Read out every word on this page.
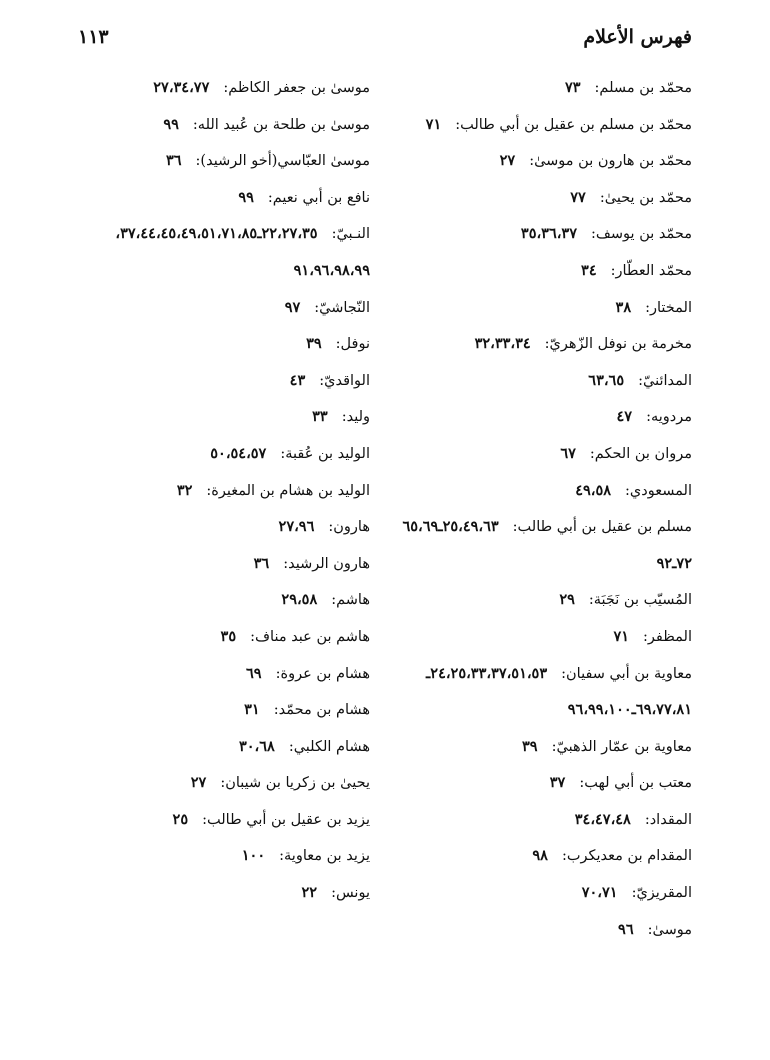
فهرس الأعلام
١١٣
محمّد بن مسلم:٧٣
محمّد بن مسلم بن عقيل بن أبي طالب:٧١
محمّد بن هارون بن موسىٰ:٢٧
محمّد بن يحيىٰ:٧٧
محمّد بن يوسف:٣٥،٣٦،٣٧
محمّد العطّار:٣٤
المختار:٣٨
مخرمة بن نوفل الزّهريّ:٣٢،٣٣،٣٤
المدائنيّ:٦٣،٦٥
مردويه:٤٧
مروان بن الحكم:٦٧
المسعودي:٤٩،٥٨
مسلم بن عقيل بن أبي طالب:٢٥،٤٩،٦٣ـ٦٥،٦٩
٧٢ـ٩٢
المُسيّب بن نَجَبَة:٢٩
المظفر:٧١
معاوية بن أبي سفيان:٢٤،٢٥،٣٣،٣٧،٥١،٥٣ـ
٦٩،٧٧،٨١ـ٩٦،٩٩،١٠٠
معاوية بن عمّار الذهبيّ:٣٩
معتب بن أبي لهب:٣٧
المقداد:٣٤،٤٧،٤٨
المقدام بن معديكرب:٩٨
المقريزيّ:٧٠،٧١
موسىٰ:٩٦
موسىٰ بن جعفر الكاظم:٢٧،٣٤،٧٧
موسىٰ بن طلحة بن عُبيد الله:٩٩
موسىٰ العبّاسي(أخو الرشيد):٣٦
نافع بن أبي نعيم:٩٩
النـبيّ:٢٢،٢٧،٣٥ـ٣٧،٤٤،٤٥،٤٩،٥١،٧١،٨٥،
٩١،٩٦،٩٨،٩٩
النّجاشيّ:٩٧
نوفل:٣٩
الواقديّ:٤٣
وليد:٣٣
الوليد بن عُقبة:٥٠،٥٤،٥٧
الوليد بن هشام بن المغيرة:٣٢
هارون:٢٧،٩٦
هارون الرشيد:٣٦
هاشم:٢٩،٥٨
هاشم بن عبد مناف:٣٥
هشام بن عروة:٦٩
هشام بن محمّد:٣١
هشام الكلبي:٣٠،٦٨
يحيىٰ بن زكريا بن شيبان:٢٧
يزيد بن عقيل بن أبي طالب:٢٥
يزيد بن معاوية:١٠٠
يونس:٢٢
